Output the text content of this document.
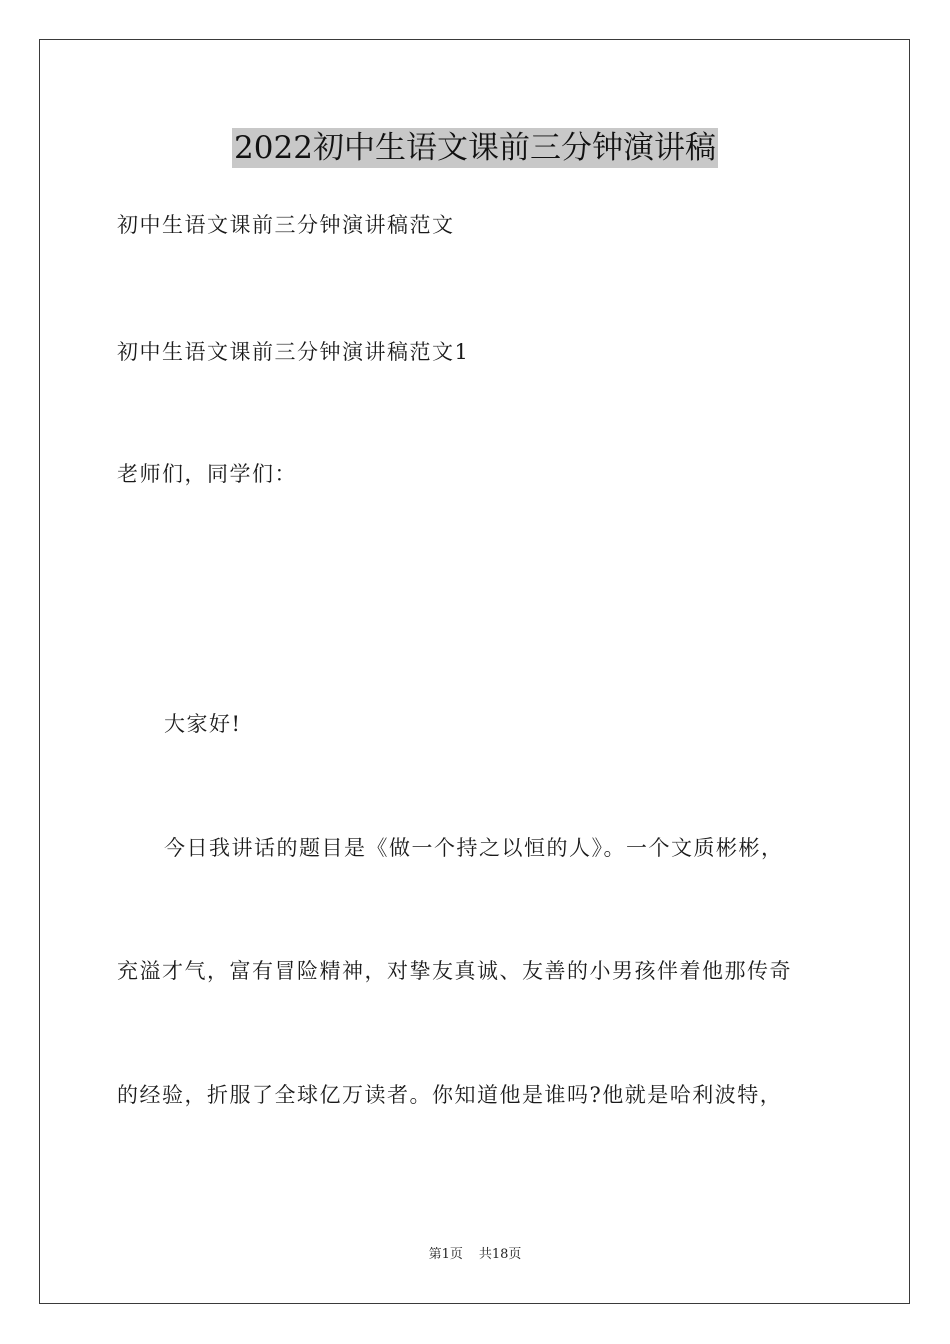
2022初中生语文课前三分钟演讲稿
初中生语文课前三分钟演讲稿范文
初中生语文课前三分钟演讲稿范文1
老师们，同学们：
大家好!
今日我讲话的题目是《做一个持之以恒的人》。一个文质彬彬，
充溢才气，富有冒险精神，对挚友真诚、友善的小男孩伴着他那传奇
的经验，折服了全球亿万读者。你知道他是谁吗?他就是哈利波特，
第1页 共18页
